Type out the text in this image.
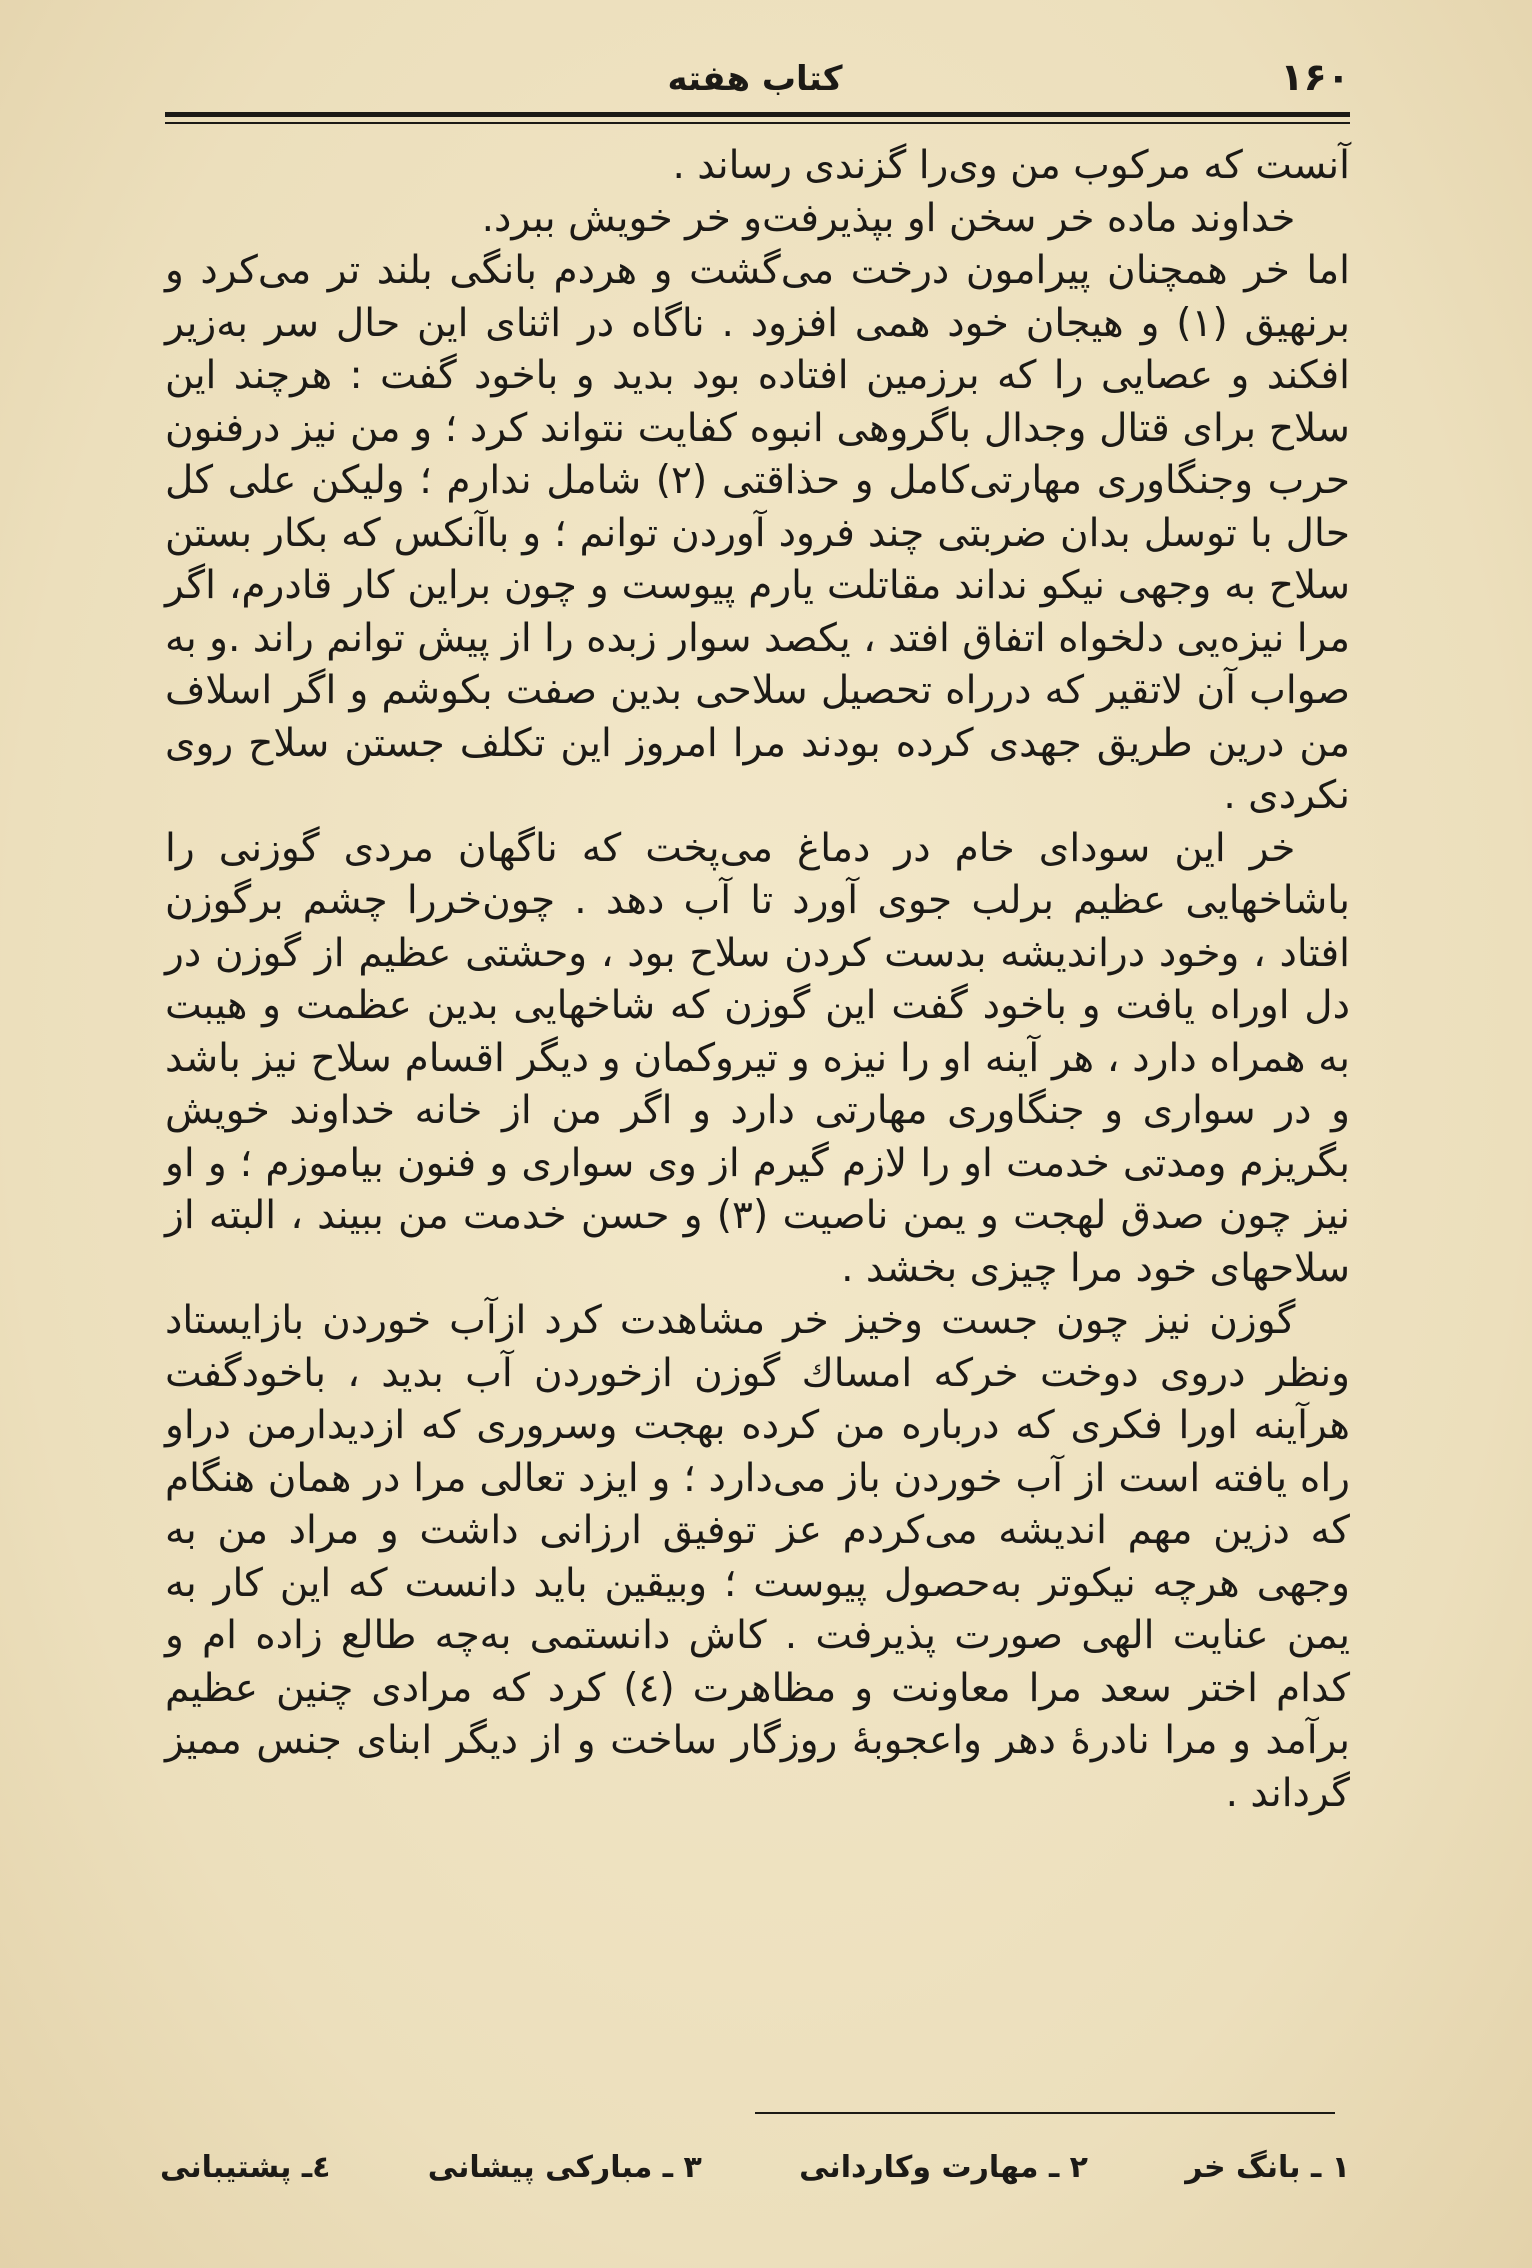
۱۶۰
کتاب هفته

آنست که مرکوب من وی‌را گزندی رساند .

خداوند ماده خر سخن او بپذیرفت‌و خر خویش ببرد.

اما خر همچنان پیرامون درخت می‌گشت و هردم بانگی بلند تر می‌کرد و برنهیق (۱) و هیجان خود همی افزود . ناگاه در اثنای این حال سر به‌زیر افکند و عصایی را که برزمین افتاده بود بدید و باخود گفت : هرچند این سلاح برای قتال وجدال باگروهی انبوه کفایت نتواند کرد ؛ و من نیز درفنون حرب وجنگاوری مهارتی‌کامل و حذاقتی (۲) شامل ندارم ؛ ولیکن علی کل حال با توسل بدان ضربتی چند فرود آوردن توانم ؛ و باآنکس که بکار بستن سلاح به وجهی نیکو نداند مقاتلت یارم پیوست و چون براین کار قادرم، اگر مرا نیزه‌یی دلخواه اتفاق افتد ، یکصد سوار زبده را از پیش توانم راند .و به صواب آن لاتقیر که درراه تحصیل سلاحی بدین صفت بکوشم و اگر اسلاف من درین طریق جهدی کرده بودند مرا امروز این تکلف جستن سلاح روی نکردی .

خر این سودای خام در دماغ می‌پخت که ناگهان مردی گوزنی را باشاخهایی عظیم برلب جوی آورد تا آب دهد . چون‌خر‌را چشم برگوزن افتاد ، وخود دراندیشه بدست کردن سلاح بود ، وحشتی عظیم از گوزن در دل اوراه یافت و باخود گفت این گوزن که شاخهایی بدین عظمت و هیبت به همراه دارد ، هر آینه او را نیزه و تیروکمان و دیگر اقسام سلاح نیز باشد و در سواری و جنگاوری مهارتی دارد و اگر من از خانه خداوند خویش بگریزم ومدتی خدمت او را لازم گیرم از وی سواری و فنون بیاموزم ؛ و او نیز چون صدق لهجت و یمن ناصیت (۳) و حسن خدمت من ببیند ، البته از سلاحهای خود مرا چیزی بخشد .

گوزن نیز چون جست وخیز خر مشاهدت کرد ازآب خوردن بازایستاد ونظر دروی دوخت خرکه امساك گوزن ازخوردن آب بدید ، باخودگفت هرآینه اورا فکری که درباره من کرده بهجت وسروری که ازدیدارمن دراو راه یافته است از آب خوردن باز می‌دارد ؛ و ایزد تعالی مرا در همان هنگام که دزین مهم اندیشه می‌کردم عز توفیق ارزانی داشت و مراد من به وجهی هرچه نیکوتر به‌حصول پیوست ؛ وبیقین باید دانست که این کار به یمن عنایت الهی صورت پذیرفت . کاش دانستمی به‌چه طالع زاده ام و کدام اختر سعد مرا معاونت و مظاهرت (٤) کرد که مرادی چنین عظیم برآمد و مرا نادرهٔ دهر واعجوبهٔ روزگار ساخت و از دیگر ابنای جنس ممیز گرداند .

۱ ـ بانگ خر
۲ ـ مهارت وکاردانی
۳ ـ مبارکی پیشانی
٤ـ پشتیبانی
